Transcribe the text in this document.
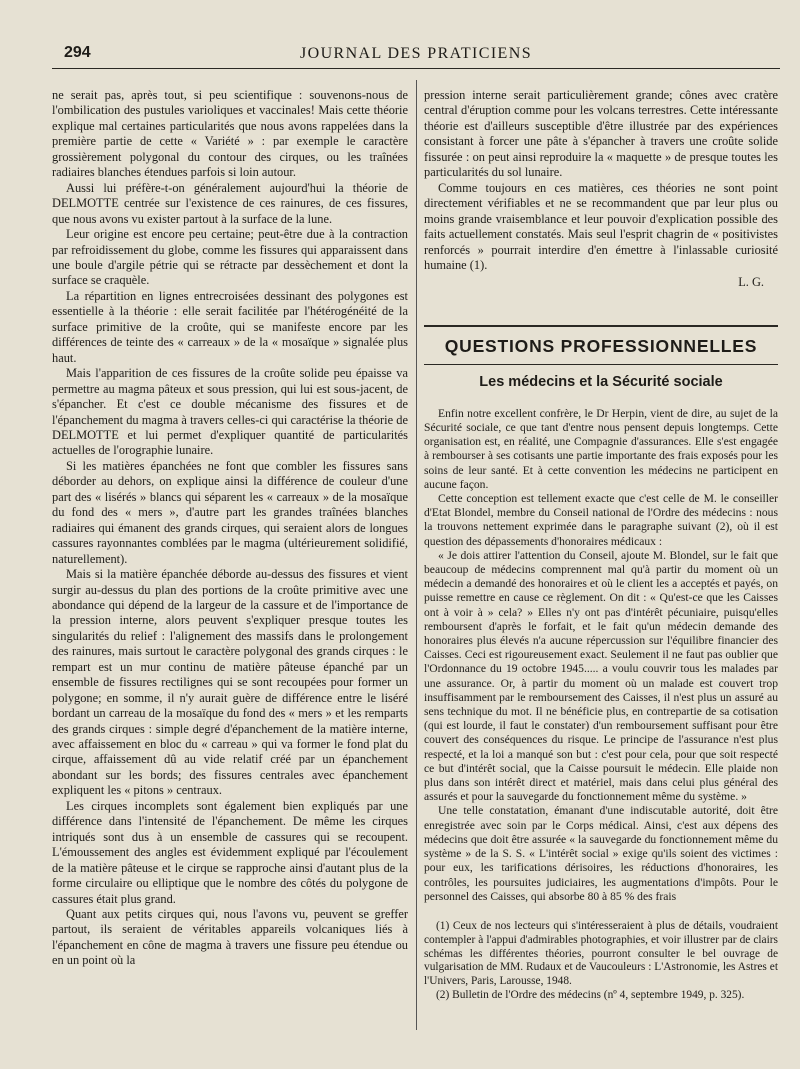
294	JOURNAL DES PRATICIENS

ne serait pas, après tout, si peu scientifique : souvenons-nous de l'ombilication des pustules varioliques et vaccinales! Mais cette théorie explique mal certaines particularités que nous avons rappelées dans la première partie de cette « Variété » : par exemple le caractère grossièrement polygonal du contour des cirques, ou les traînées radiaires blanches étendues parfois si loin autour.

Aussi lui préfère-t-on généralement aujourd'hui la théorie de DELMOTTE centrée sur l'existence de ces rainures, de ces fissures, que nous avons vu exister partout à la surface de la lune.

Leur origine est encore peu certaine; peut-être due à la contraction par refroidissement du globe, comme les fissures qui apparaissent dans une boule d'argile pétrie qui se rétracte par dessèchement et dont la surface se craquèle.

La répartition en lignes entrecroisées dessinant des polygones est essentielle à la théorie : elle serait facilitée par l'hétérogénéité de la surface primitive de la croûte, qui se manifeste encore par les différences de teinte des « carreaux » de la « mosaïque » signalée plus haut.

Mais l'apparition de ces fissures de la croûte solide peu épaisse va permettre au magma pâteux et sous pression, qui lui est sous-jacent, de s'épancher. Et c'est ce double mécanisme des fissures et de l'épanchement du magma à travers celles-ci qui caractérise la théorie de DELMOTTE et lui permet d'expliquer quantité de particularités actuelles de l'orographie lunaire.

Si les matières épanchées ne font que combler les fissures sans déborder au dehors, on explique ainsi la différence de couleur d'une part des « lisérés » blancs qui séparent les « carreaux » de la mosaïque du fond des « mers », d'autre part les grandes traînées blanches radiaires qui émanent des grands cirques, qui seraient alors de longues cassures rayonnantes comblées par le magma (ultérieurement solidifié, naturellement).

Mais si la matière épanchée déborde au-dessus des fissures et vient surgir au-dessus du plan des portions de la croûte primitive avec une abondance qui dépend de la largeur de la cassure et de l'importance de la pression interne, alors peuvent s'expliquer presque toutes les singularités du relief : l'alignement des massifs dans le prolongement des rainures, mais surtout le caractère polygonal des grands cirques : le rempart est un mur continu de matière pâteuse épanché par un ensemble de fissures rectilignes qui se sont recoupées pour former un polygone; en somme, il n'y aurait guère de différence entre le liséré bordant un carreau de la mosaïque du fond des « mers » et les remparts des grands cirques : simple degré d'épanchement de la matière interne, avec affaissement en bloc du « carreau » qui va former le fond plat du cirque, affaissement dû au vide relatif créé par un épanchement abondant sur les bords; des fissures centrales avec épanchement expliquent les « pitons » centraux.

Les cirques incomplets sont également bien expliqués par une différence dans l'intensité de l'épanchement. De même les cirques intriqués sont dus à un ensemble de cassures qui se recoupent. L'émoussement des angles est évidemment expliqué par l'écoulement de la matière pâteuse et le cirque se rapproche ainsi d'autant plus de la forme circulaire ou elliptique que le nombre des côtés du polygone de cassures était plus grand.

Quant aux petits cirques qui, nous l'avons vu, peuvent se greffer partout, ils seraient de véritables appareils volcaniques liés à l'épanchement en cône de magma à travers une fissure peu étendue ou en un point où la

pression interne serait particulièrement grande; cônes avec cratère central d'éruption comme pour les volcans terrestres. Cette intéressante théorie est d'ailleurs susceptible d'être illustrée par des expériences consistant à forcer une pâte à s'épancher à travers une croûte solide fissurée : on peut ainsi reproduire la « maquette » de presque toutes les particularités du sol lunaire.

Comme toujours en ces matières, ces théories ne sont point directement vérifiables et ne se recommandent que par leur plus ou moins grande vraisemblance et leur pouvoir d'explication possible des faits actuellement constatés. Mais seul l'esprit chagrin de « positivistes renforcés » pourrait interdire d'en émettre à l'inlassable curiosité humaine (1).

L. G.
QUESTIONS PROFESSIONNELLES
Les médecins et la Sécurité sociale

Enfin notre excellent confrère, le Dr Herpin, vient de dire, au sujet de la Sécurité sociale, ce que tant d'entre nous pensent depuis longtemps. Cette organisation est, en réalité, une Compagnie d'assurances. Elle s'est engagée à rembourser à ses cotisants une partie importante des frais exposés pour les soins de leur santé. Et à cette convention les médecins ne participent en aucune façon.

Cette conception est tellement exacte que c'est celle de M. le conseiller d'Etat Blondel, membre du Conseil national de l'Ordre des médecins : nous la trouvons nettement exprimée dans le paragraphe suivant (2), où il est question des dépassements d'honoraires médicaux :

« Je dois attirer l'attention du Conseil, ajoute M. Blondel, sur le fait que beaucoup de médecins comprennent mal qu'à partir du moment où un médecin a demandé des honoraires et où le client les a acceptés et payés, on puisse remettre en cause ce règlement. On dit : « Qu'est-ce que les Caisses ont à voir à » cela? » Elles n'y ont pas d'intérêt pécuniaire, puisqu'elles remboursent d'après le forfait, et le fait qu'un médecin demande des honoraires plus élevés n'a aucune répercussion sur l'équilibre financier des Caisses. Ceci est rigoureusement exact. Seulement il ne faut pas oublier que l'Ordonnance du 19 octobre 1945..... a voulu couvrir tous les malades par une assurance. Or, à partir du moment où un malade est couvert trop insuffisamment par le remboursement des Caisses, il n'est plus un assuré au sens technique du mot. Il ne bénéficie plus, en contrepartie de sa cotisation (qui est lourde, il faut le constater) d'un remboursement suffisant pour être couvert des conséquences du risque. Le principe de l'assurance n'est plus respecté, et la loi a manqué son but : c'est pour cela, pour que soit respecté ce but d'intérêt social, que la Caisse poursuit le médecin. Elle plaide non plus dans son intérêt direct et matériel, mais dans celui plus général des assurés et pour la sauvegarde du fonctionnement même du système. »

Une telle constatation, émanant d'une indiscutable autorité, doit être enregistrée avec soin par le Corps médical. Ainsi, c'est aux dépens des médecins que doit être assurée « la sauvegarde du fonctionnement même du système » de la S. S. « L'intérêt social » exige qu'ils soient des victimes : pour eux, les tarifications dérisoires, les réductions d'honoraires, les contrôles, les poursuites judiciaires, les augmentations d'impôts. Pour le personnel des Caisses, qui absorbe 80 à 85 % des frais

(1) Ceux de nos lecteurs qui s'intéresseraient à plus de détails, voudraient contempler à l'appui d'admirables photographies, et voir illustrer par de clairs schémas les différentes théories, pourront consulter le bel ouvrage de vulgarisation de MM. Rudaux et de Vaucouleurs : L'Astronomie, les Astres et l'Univers, Paris, Larousse, 1948.

(2) Bulletin de l'Ordre des médecins (nº 4, septembre 1949, p. 325).
